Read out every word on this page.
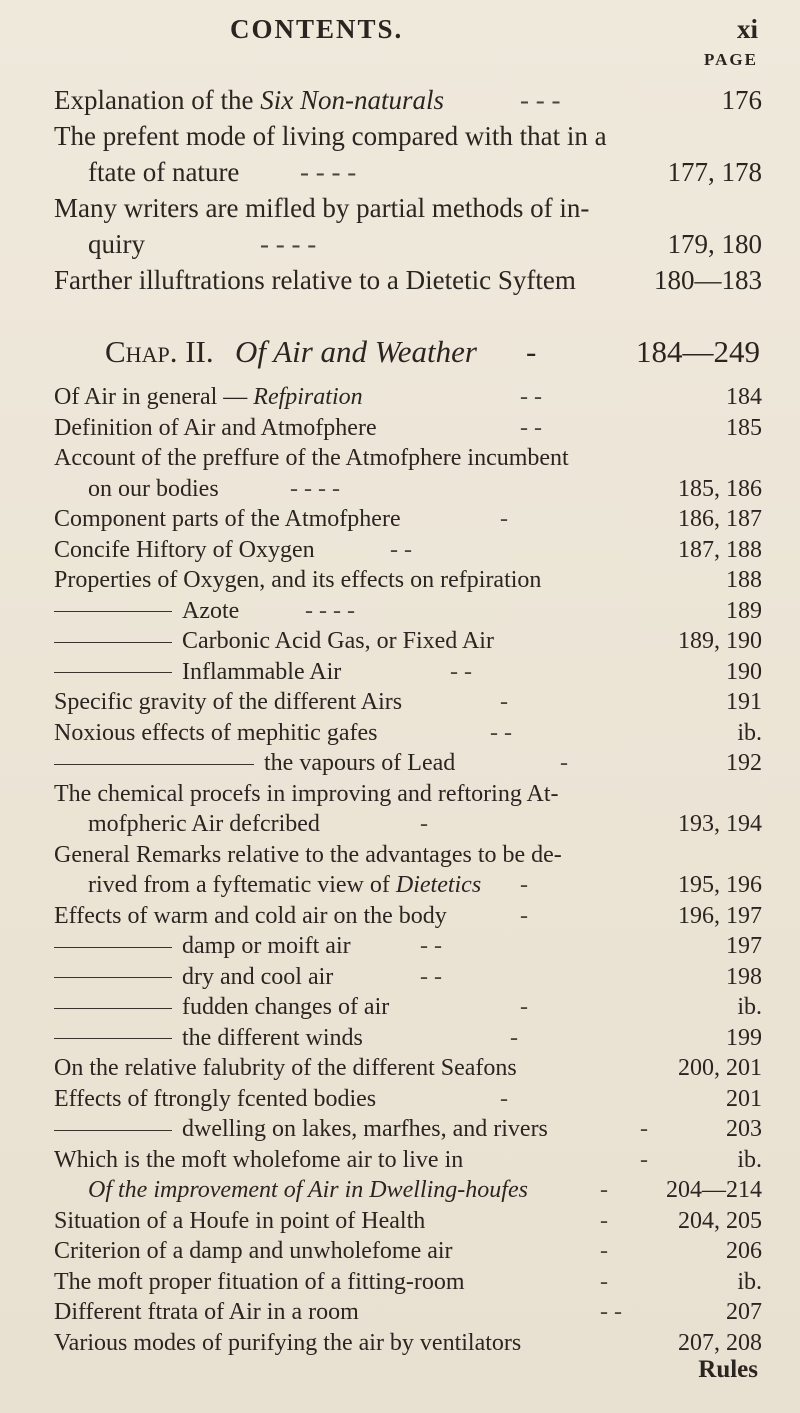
CONTENTS.	xi
PAGE
Explanation of the Six Non-naturals	- - -	176
The prefent mode of living compared with that in a
ftate of nature - - - -	177, 178
Many writers are mifled by partial methods of in-
quiry	- - - -	179, 180
Farther illuftrations relative to a Dietetic Syftem	180—183
Chap. II. Of Air and Weather -	184—249
Of Air in general — Refpiration	- -	184
Definition of Air and Atmofphere	- -	185
Account of the preffure of the Atmofphere incumbent
on our bodies	- - - -	185, 186
Component parts of the Atmofphere	-	186, 187
Concife Hiftory of Oxygen	- -	187, 188
Properties of Oxygen, and its effects on refpiration	188
Azote	- - - -	189
Carbonic Acid Gas, or Fixed Air	189, 190
Inflammable Air	- -	190
Specific gravity of the different Airs	-	191
Noxious effects of mephitic gafes	- -	ib.
the vapours of Lead	-	192
The chemical procefs in improving and reftoring At-
mofpheric Air defcribed	-	193, 194
General Remarks relative to the advantages to be de-
rived from a fyftematic view of Dietetics -	195, 196
Effects of warm and cold air on the body	-	196, 197
damp or moift air	- -	197
dry and cool air	- -	198
fudden changes of air	-	ib.
the different winds	-	199
On the relative falubrity of the different Seafons	200, 201
Effects of ftrongly fcented bodies	-	201
dwelling on lakes, marfhes, and rivers	-	203
Which is the moft wholefome air to live in	-	ib.
Of the improvement of Air in Dwelling-houfes	- 204—214
Situation of a Houfe in point of Health	-	204, 205
Criterion of a damp and unwholefome air	-	206
The moft proper fituation of a fitting-room	-	ib.
Different ftrata of Air in a room	- -	207
Various modes of purifying the air by ventilators	207, 208
Rules
